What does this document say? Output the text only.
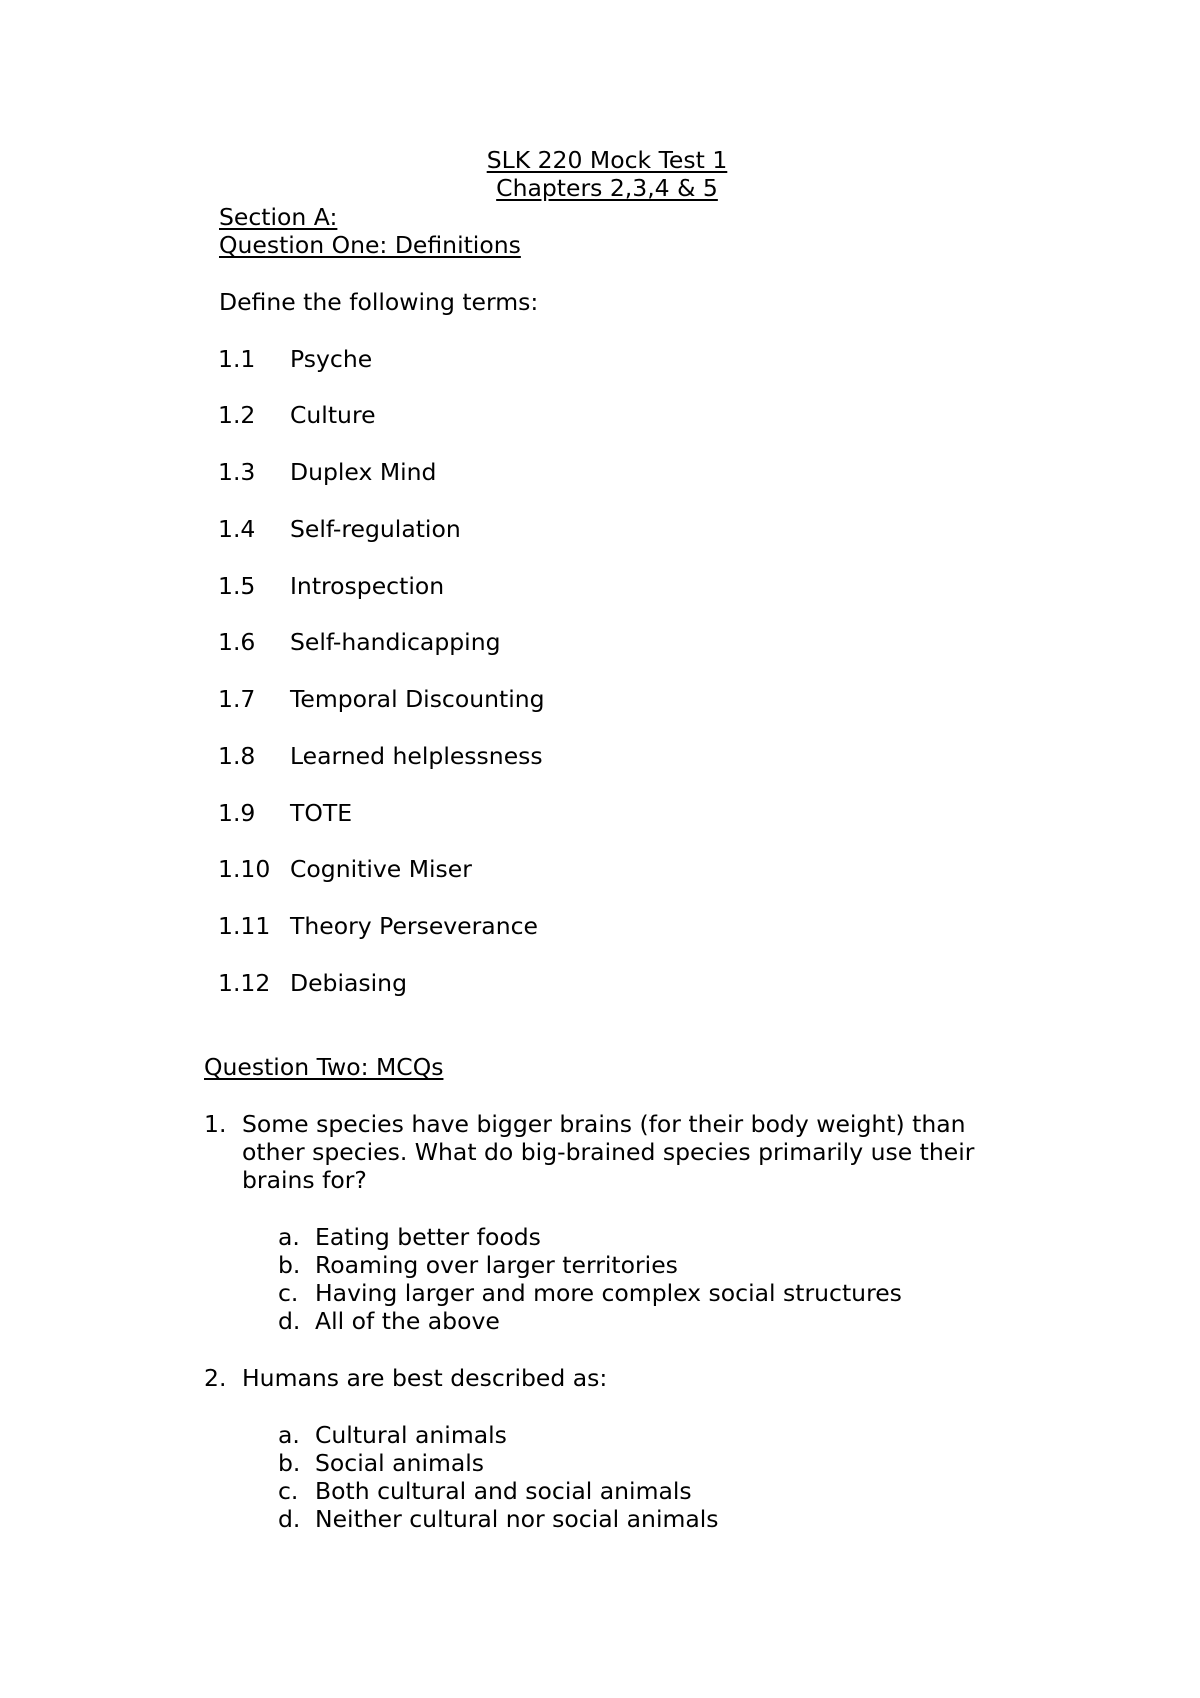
SLK 220 Mock Test 1
Chapters 2,3,4 & 5
Section A:
Question One: Definitions
Define the following terms:
1.1 Psyche
1.2 Culture
1.3 Duplex Mind
1.4 Self-regulation
1.5 Introspection
1.6 Self-handicapping
1.7 Temporal Discounting
1.8 Learned helplessness
1.9 TOTE
1.10 Cognitive Miser
1.11 Theory Perseverance
1.12 Debiasing
Question Two: MCQs
1. Some species have bigger brains (for their body weight) than other species. What do big-brained species primarily use their brains for?
a. Eating better foods
b. Roaming over larger territories
c. Having larger and more complex social structures
d. All of the above
2. Humans are best described as:
a. Cultural animals
b. Social animals
c. Both cultural and social animals
d. Neither cultural nor social animals
